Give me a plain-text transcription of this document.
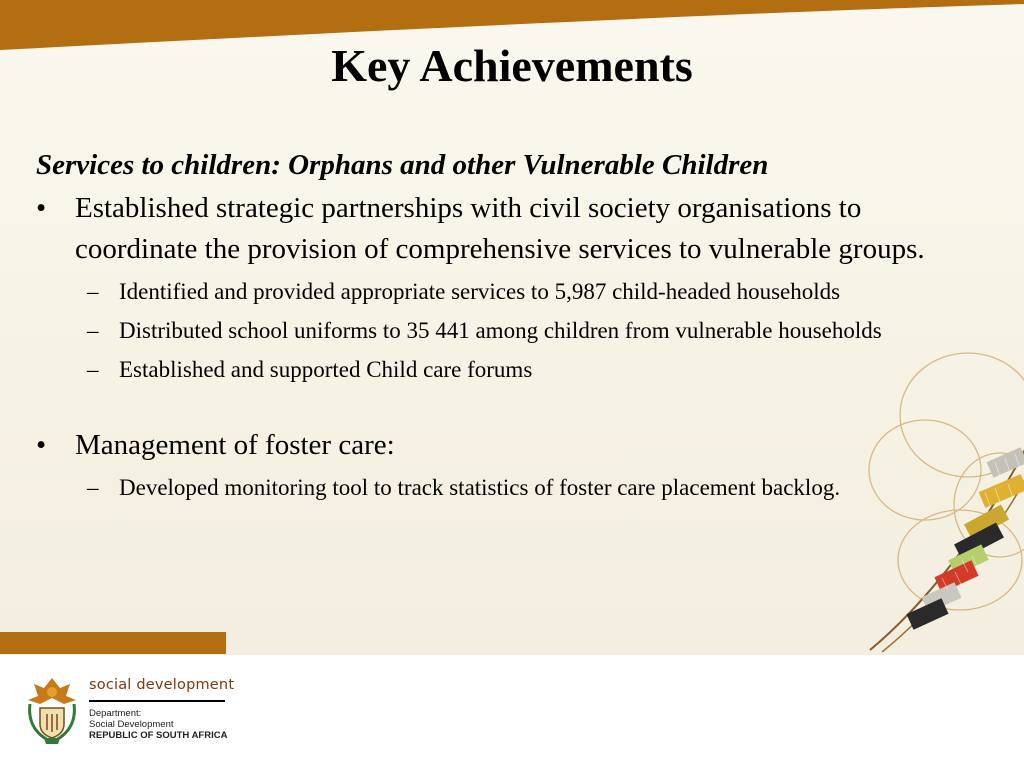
Key Achievements
Services to children: Orphans and other Vulnerable Children
• Established strategic partnerships with civil society organisations to coordinate the provision of comprehensive services to vulnerable groups.
– Identified and provided appropriate services to 5,987 child-headed households
– Distributed school uniforms to 35 441 among children from vulnerable households
– Established and supported Child care forums
• Management of foster care:
– Developed monitoring tool to track statistics of foster care placement backlog.
social development
Department:
Social Development
REPUBLIC OF SOUTH AFRICA
